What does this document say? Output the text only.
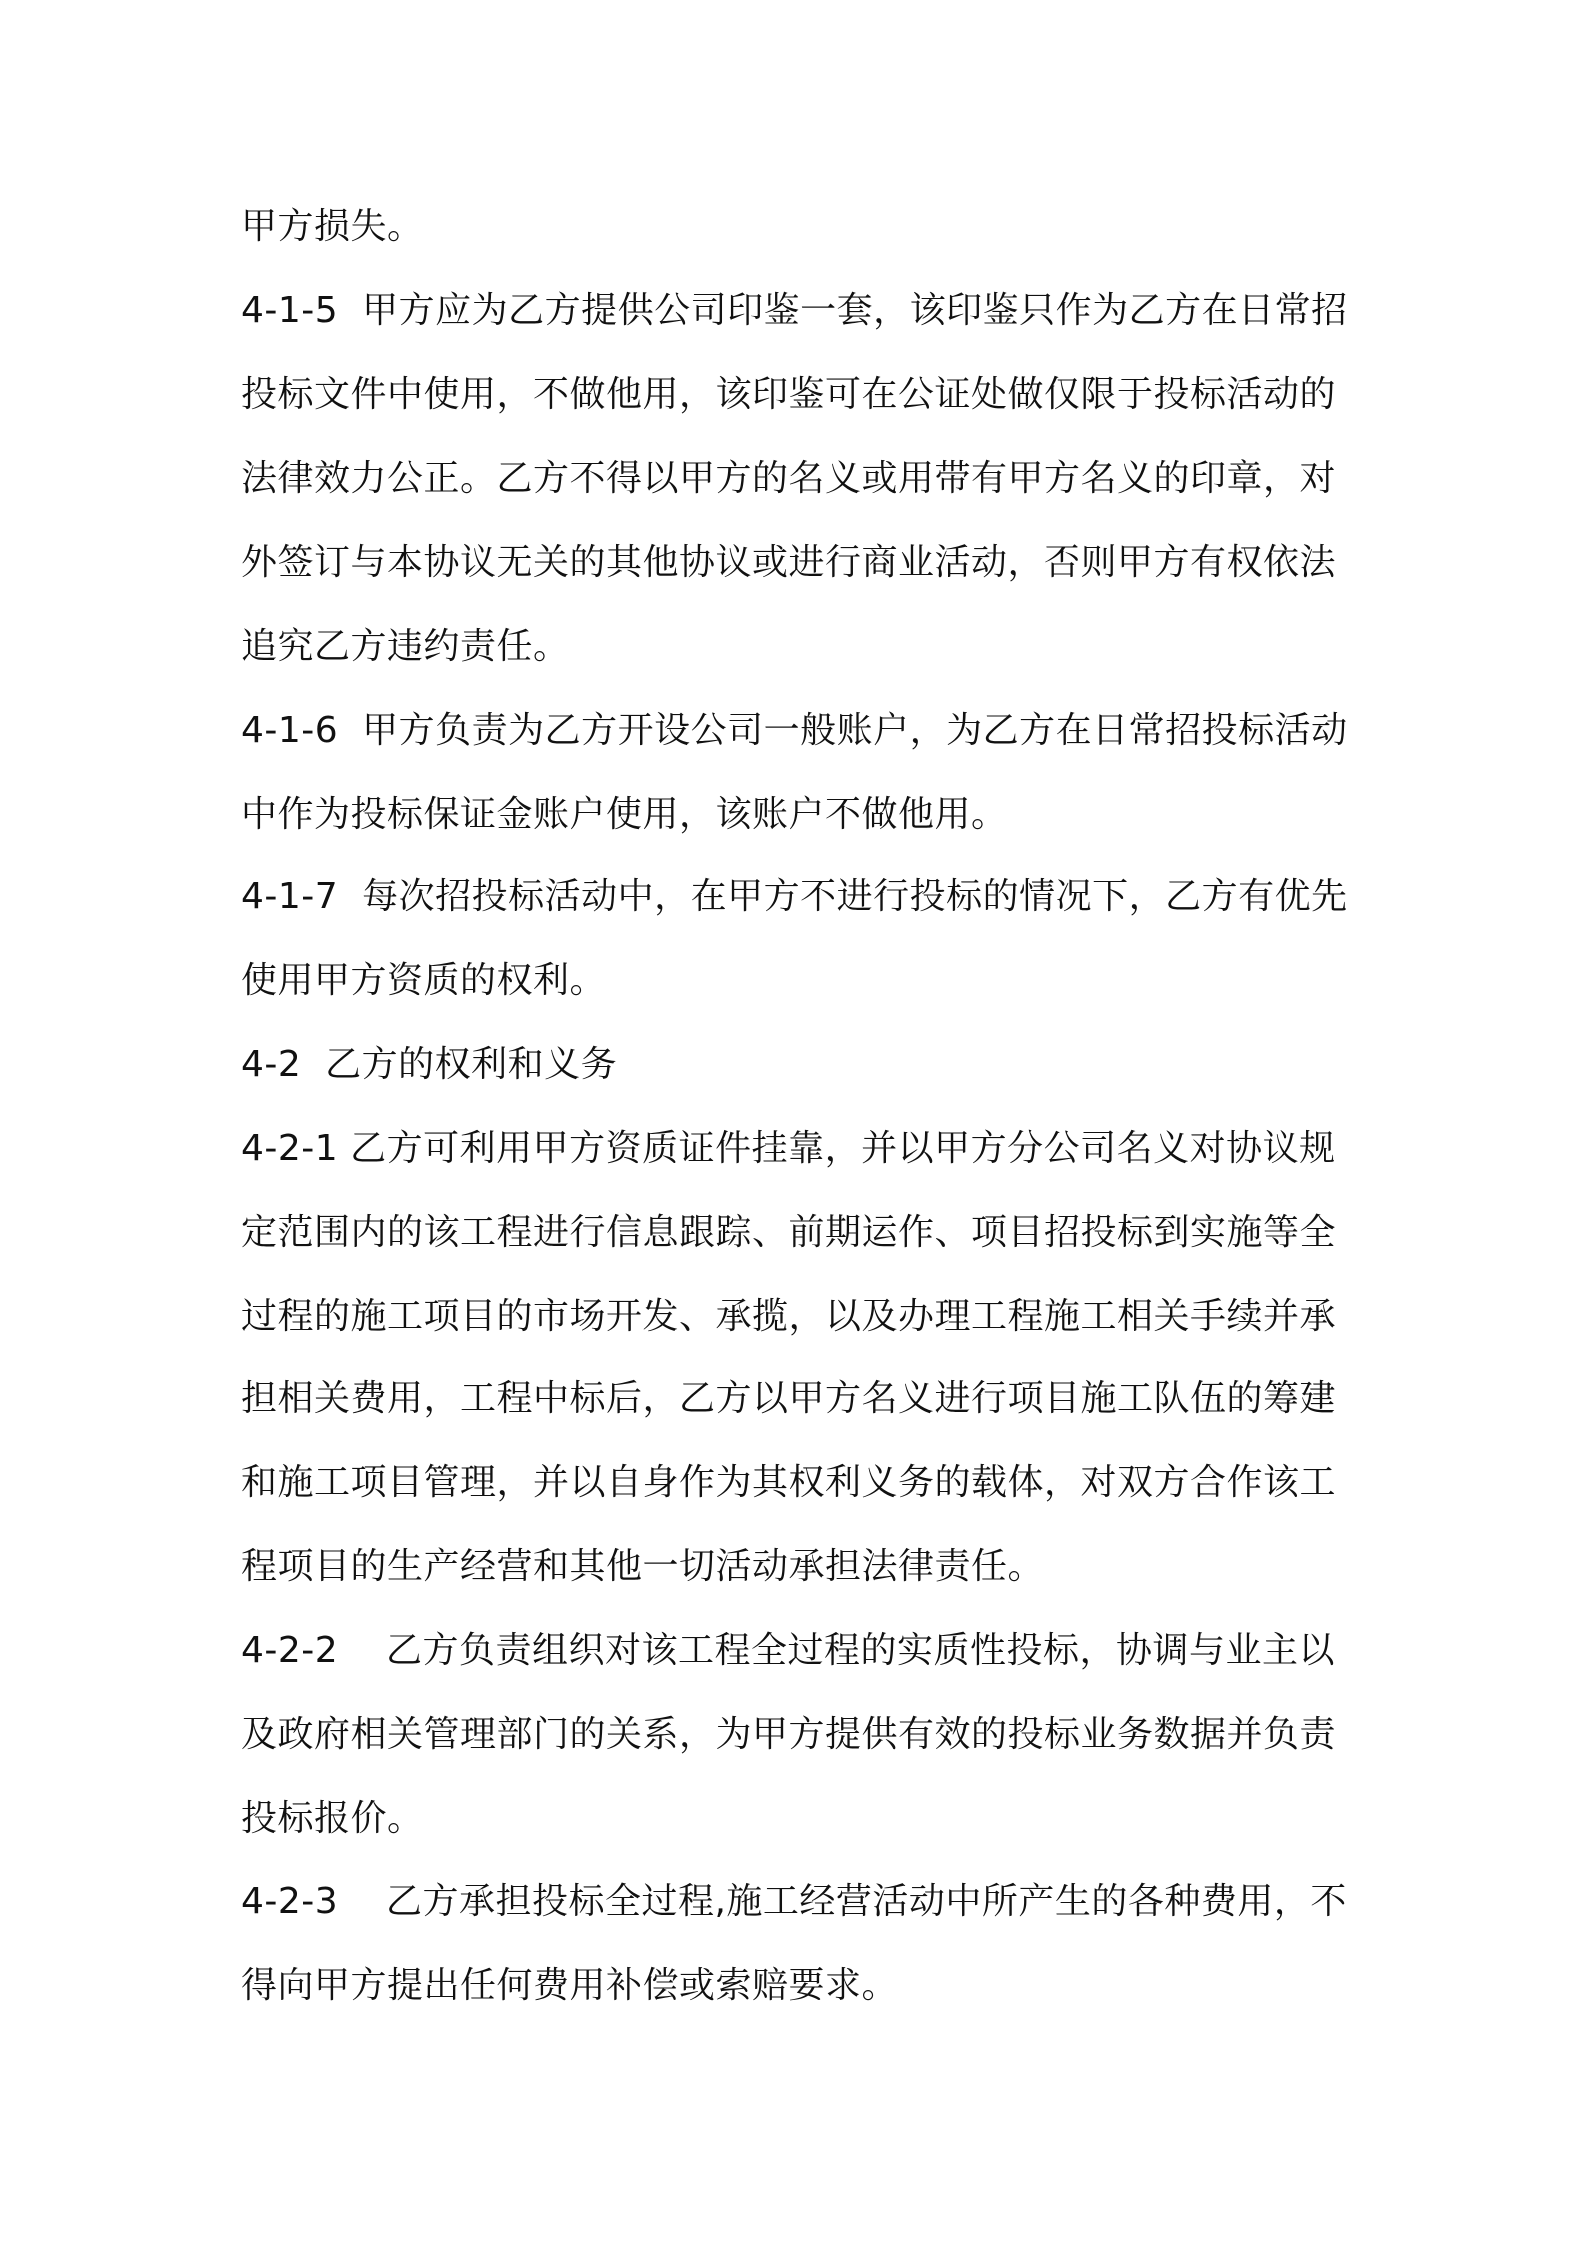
甲方损失。

4-1-5  甲方应为乙方提供公司印鉴一套，该印鉴只作为乙方在日常招

投标文件中使用，不做他用，该印鉴可在公证处做仅限于投标活动的

法律效力公正。乙方不得以甲方的名义或用带有甲方名义的印章，对

外签订与本协议无关的其他协议或进行商业活动，否则甲方有权依法

追究乙方违约责任。

4-1-6  甲方负责为乙方开设公司一般账户，为乙方在日常招投标活动

中作为投标保证金账户使用，该账户不做他用。

4-1-7  每次招投标活动中，在甲方不进行投标的情况下，乙方有优先

使用甲方资质的权利。

4-2  乙方的权利和义务

4-2-1 乙方可利用甲方资质证件挂靠，并以甲方分公司名义对协议规

定范围内的该工程进行信息跟踪、前期运作、项目招投标到实施等全

过程的施工项目的市场开发、承揽，以及办理工程施工相关手续并承

担相关费用，工程中标后，乙方以甲方名义进行项目施工队伍的筹建

和施工项目管理，并以自身作为其权利义务的载体，对双方合作该工

程项目的生产经营和其他一切活动承担法律责任。

4-2-2    乙方负责组织对该工程全过程的实质性投标，协调与业主以

及政府相关管理部门的关系，为甲方提供有效的投标业务数据并负责

投标报价。

4-2-3    乙方承担投标全过程,施工经营活动中所产生的各种费用，不

得向甲方提出任何费用补偿或索赔要求。
